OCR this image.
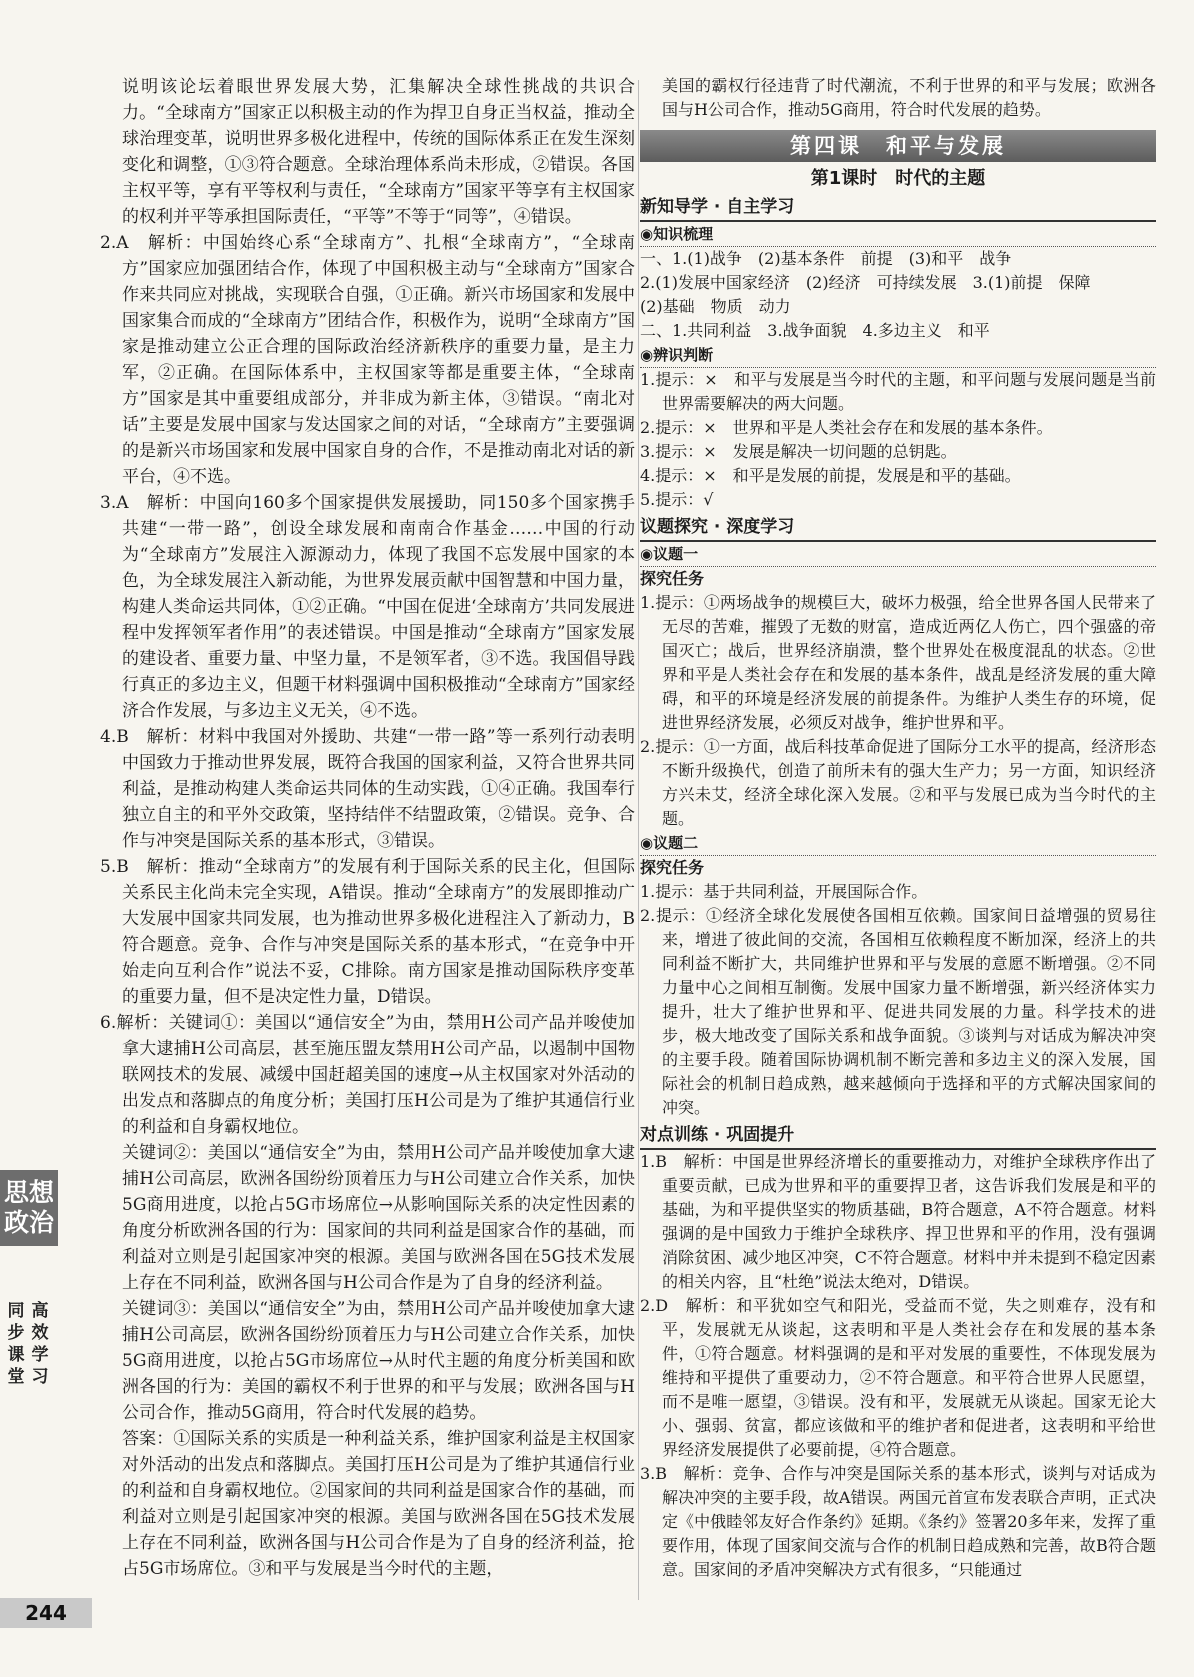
说明该论坛着眼世界发展大势，汇集解决全球性挑战的共识合力。“全球南方”国家正以积极主动的作为捍卫自身正当权益，推动全球治理变革，说明世界多极化进程中，传统的国际体系正在发生深刻变化和调整，①③符合题意。全球治理体系尚未形成，②错误。各国主权平等，享有平等权利与责任，“全球南方”国家平等享有主权国家的权利并平等承担国际责任，“平等”不等于“同等”，④错误。

2.A　解析：中国始终心系“全球南方”、扎根“全球南方”，“全球南方”国家应加强团结合作，体现了中国积极主动与“全球南方”国家合作来共同应对挑战，实现联合自强，①正确。新兴市场国家和发展中国家集合而成的“全球南方”团结合作，积极作为，说明“全球南方”国家是推动建立公正合理的国际政治经济新秩序的重要力量，是主力军，②正确。在国际体系中，主权国家等都是重要主体，“全球南方”国家是其中重要组成部分，并非成为新主体，③错误。“南北对话”主要是发展中国家与发达国家之间的对话，“全球南方”主要强调的是新兴市场国家和发展中国家自身的合作，不是推动南北对话的新平台，④不选。

3.A　解析：中国向160多个国家提供发展援助，同150多个国家携手共建“一带一路”，创设全球发展和南南合作基金……中国的行动为“全球南方”发展注入源源动力，体现了我国不忘发展中国家的本色，为全球发展注入新动能，为世界发展贡献中国智慧和中国力量，构建人类命运共同体，①②正确。“中国在促进‘全球南方’共同发展进程中发挥领军者作用”的表述错误。中国是推动“全球南方”国家发展的建设者、重要力量、中坚力量，不是领军者，③不选。我国倡导践行真正的多边主义，但题干材料强调中国积极推动“全球南方”国家经济合作发展，与多边主义无关，④不选。

4.B　解析：材料中我国对外援助、共建“一带一路”等一系列行动表明中国致力于推动世界发展，既符合我国的国家利益，又符合世界共同利益，是推动构建人类命运共同体的生动实践，①④正确。我国奉行独立自主的和平外交政策，坚持结伴不结盟政策，②错误。竞争、合作与冲突是国际关系的基本形式，③错误。

5.B　解析：推动“全球南方”的发展有利于国际关系的民主化，但国际关系民主化尚未完全实现，A错误。推动“全球南方”的发展即推动广大发展中国家共同发展，也为推动世界多极化进程注入了新动力，B符合题意。竞争、合作与冲突是国际关系的基本形式，“在竞争中开始走向互利合作”说法不妥，C排除。南方国家是推动国际秩序变革的重要力量，但不是决定性力量，D错误。

6.解析：关键词①：美国以“通信安全”为由，禁用H公司产品并唆使加拿大逮捕H公司高层，甚至施压盟友禁用H公司产品，以遏制中国物联网技术的发展、减缓中国赶超美国的速度→从主权国家对外活动的出发点和落脚点的角度分析；美国打压H公司是为了维护其通信行业的利益和自身霸权地位。

关键词②：美国以“通信安全”为由，禁用H公司产品并唆使加拿大逮捕H公司高层，欧洲各国纷纷顶着压力与H公司建立合作关系，加快5G商用进度，以抢占5G市场席位→从影响国际关系的决定性因素的角度分析欧洲各国的行为：国家间的共同利益是国家合作的基础，而利益对立则是引起国家冲突的根源。美国与欧洲各国在5G技术发展上存在不同利益，欧洲各国与H公司合作是为了自身的经济利益。

关键词③：美国以“通信安全”为由，禁用H公司产品并唆使加拿大逮捕H公司高层，欧洲各国纷纷顶着压力与H公司建立合作关系，加快5G商用进度，以抢占5G市场席位→从时代主题的角度分析美国和欧洲各国的行为：美国的霸权不利于世界的和平与发展；欧洲各国与H公司合作，推动5G商用，符合时代发展的趋势。

答案：①国际关系的实质是一种利益关系，维护国家利益是主权国家对外活动的出发点和落脚点。美国打压H公司是为了维护其通信行业的利益和自身霸权地位。②国家间的共同利益是国家合作的基础，而利益对立则是引起国家冲突的根源。美国与欧洲各国在5G技术发展上存在不同利益，欧洲各国与H公司合作是为了自身的经济利益，抢占5G市场席位。③和平与发展是当今时代的主题，

美国的霸权行径违背了时代潮流，不利于世界的和平与发展；欧洲各国与H公司合作，推动5G商用，符合时代发展的趋势。

第四课　和平与发展
第1课时　时代的主题
新知导学 · 自主学习
◉知识梳理

一、1.(1)战争　(2)基本条件　前提　(3)和平　战争

2.(1)发展中国家经济　(2)经济　可持续发展　3.(1)前提　保障

(2)基础　物质　动力

二、1.共同利益　3.战争面貌　4.多边主义　和平

◉辨识判断

1.提示：×　和平与发展是当今时代的主题，和平问题与发展问题是当前世界需要解决的两大问题。

2.提示：×　世界和平是人类社会存在和发展的基本条件。

3.提示：×　发展是解决一切问题的总钥匙。

4.提示：×　和平是发展的前提，发展是和平的基础。

5.提示：√

议题探究 · 深度学习
◉议题一
探究任务

1.提示：①两场战争的规模巨大，破坏力极强，给全世界各国人民带来了无尽的苦难，摧毁了无数的财富，造成近两亿人伤亡，四个强盛的帝国灭亡；战后，世界经济崩溃，整个世界处在极度混乱的状态。②世界和平是人类社会存在和发展的基本条件，战乱是经济发展的重大障碍，和平的环境是经济发展的前提条件。为维护人类生存的环境，促进世界经济发展，必须反对战争，维护世界和平。

2.提示：①一方面，战后科技革命促进了国际分工水平的提高，经济形态不断升级换代，创造了前所未有的强大生产力；另一方面，知识经济方兴未艾，经济全球化深入发展。②和平与发展已成为当今时代的主题。

◉议题二
探究任务

1.提示：基于共同利益，开展国际合作。

2.提示：①经济全球化发展使各国相互依赖。国家间日益增强的贸易往来，增进了彼此间的交流，各国相互依赖程度不断加深，经济上的共同利益不断扩大，共同维护世界和平与发展的意愿不断增强。②不同力量中心之间相互制衡。发展中国家力量不断增强，新兴经济体实力提升，壮大了维护世界和平、促进共同发展的力量。科学技术的进步，极大地改变了国际关系和战争面貌。③谈判与对话成为解决冲突的主要手段。随着国际协调机制不断完善和多边主义的深入发展，国际社会的机制日趋成熟，越来越倾向于选择和平的方式解决国家间的冲突。

对点训练 · 巩固提升

1.B　解析：中国是世界经济增长的重要推动力，对维护全球秩序作出了重要贡献，已成为世界和平的重要捍卫者，这告诉我们发展是和平的基础，为和平提供坚实的物质基础，B符合题意，A不符合题意。材料强调的是中国致力于维护全球秩序、捍卫世界和平的作用，没有强调消除贫困、减少地区冲突，C不符合题意。材料中并未提到不稳定因素的相关内容，且“杜绝”说法太绝对，D错误。

2.D　解析：和平犹如空气和阳光，受益而不觉，失之则难存，没有和平，发展就无从谈起，这表明和平是人类社会存在和发展的基本条件，①符合题意。材料强调的是和平对发展的重要性，不体现发展为维持和平提供了重要动力，②不符合题意。和平符合世界人民愿望，而不是唯一愿望，③错误。没有和平，发展就无从谈起。国家无论大小、强弱、贫富，都应该做和平的维护者和促进者，这表明和平给世界经济发展提供了必要前提，④符合题意。

3.B　解析：竞争、合作与冲突是国际关系的基本形式，谈判与对话成为解决冲突的主要手段，故A错误。两国元首宣布发表联合声明，正式决定《中俄睦邻友好合作条约》延期。《条约》签署20多年来，发挥了重要作用，体现了国家间交流与合作的机制日趋成熟和完善，故B符合题意。国家间的矛盾冲突解决方式有很多，“只能通过

思想政治
同步课堂高效学习
244
